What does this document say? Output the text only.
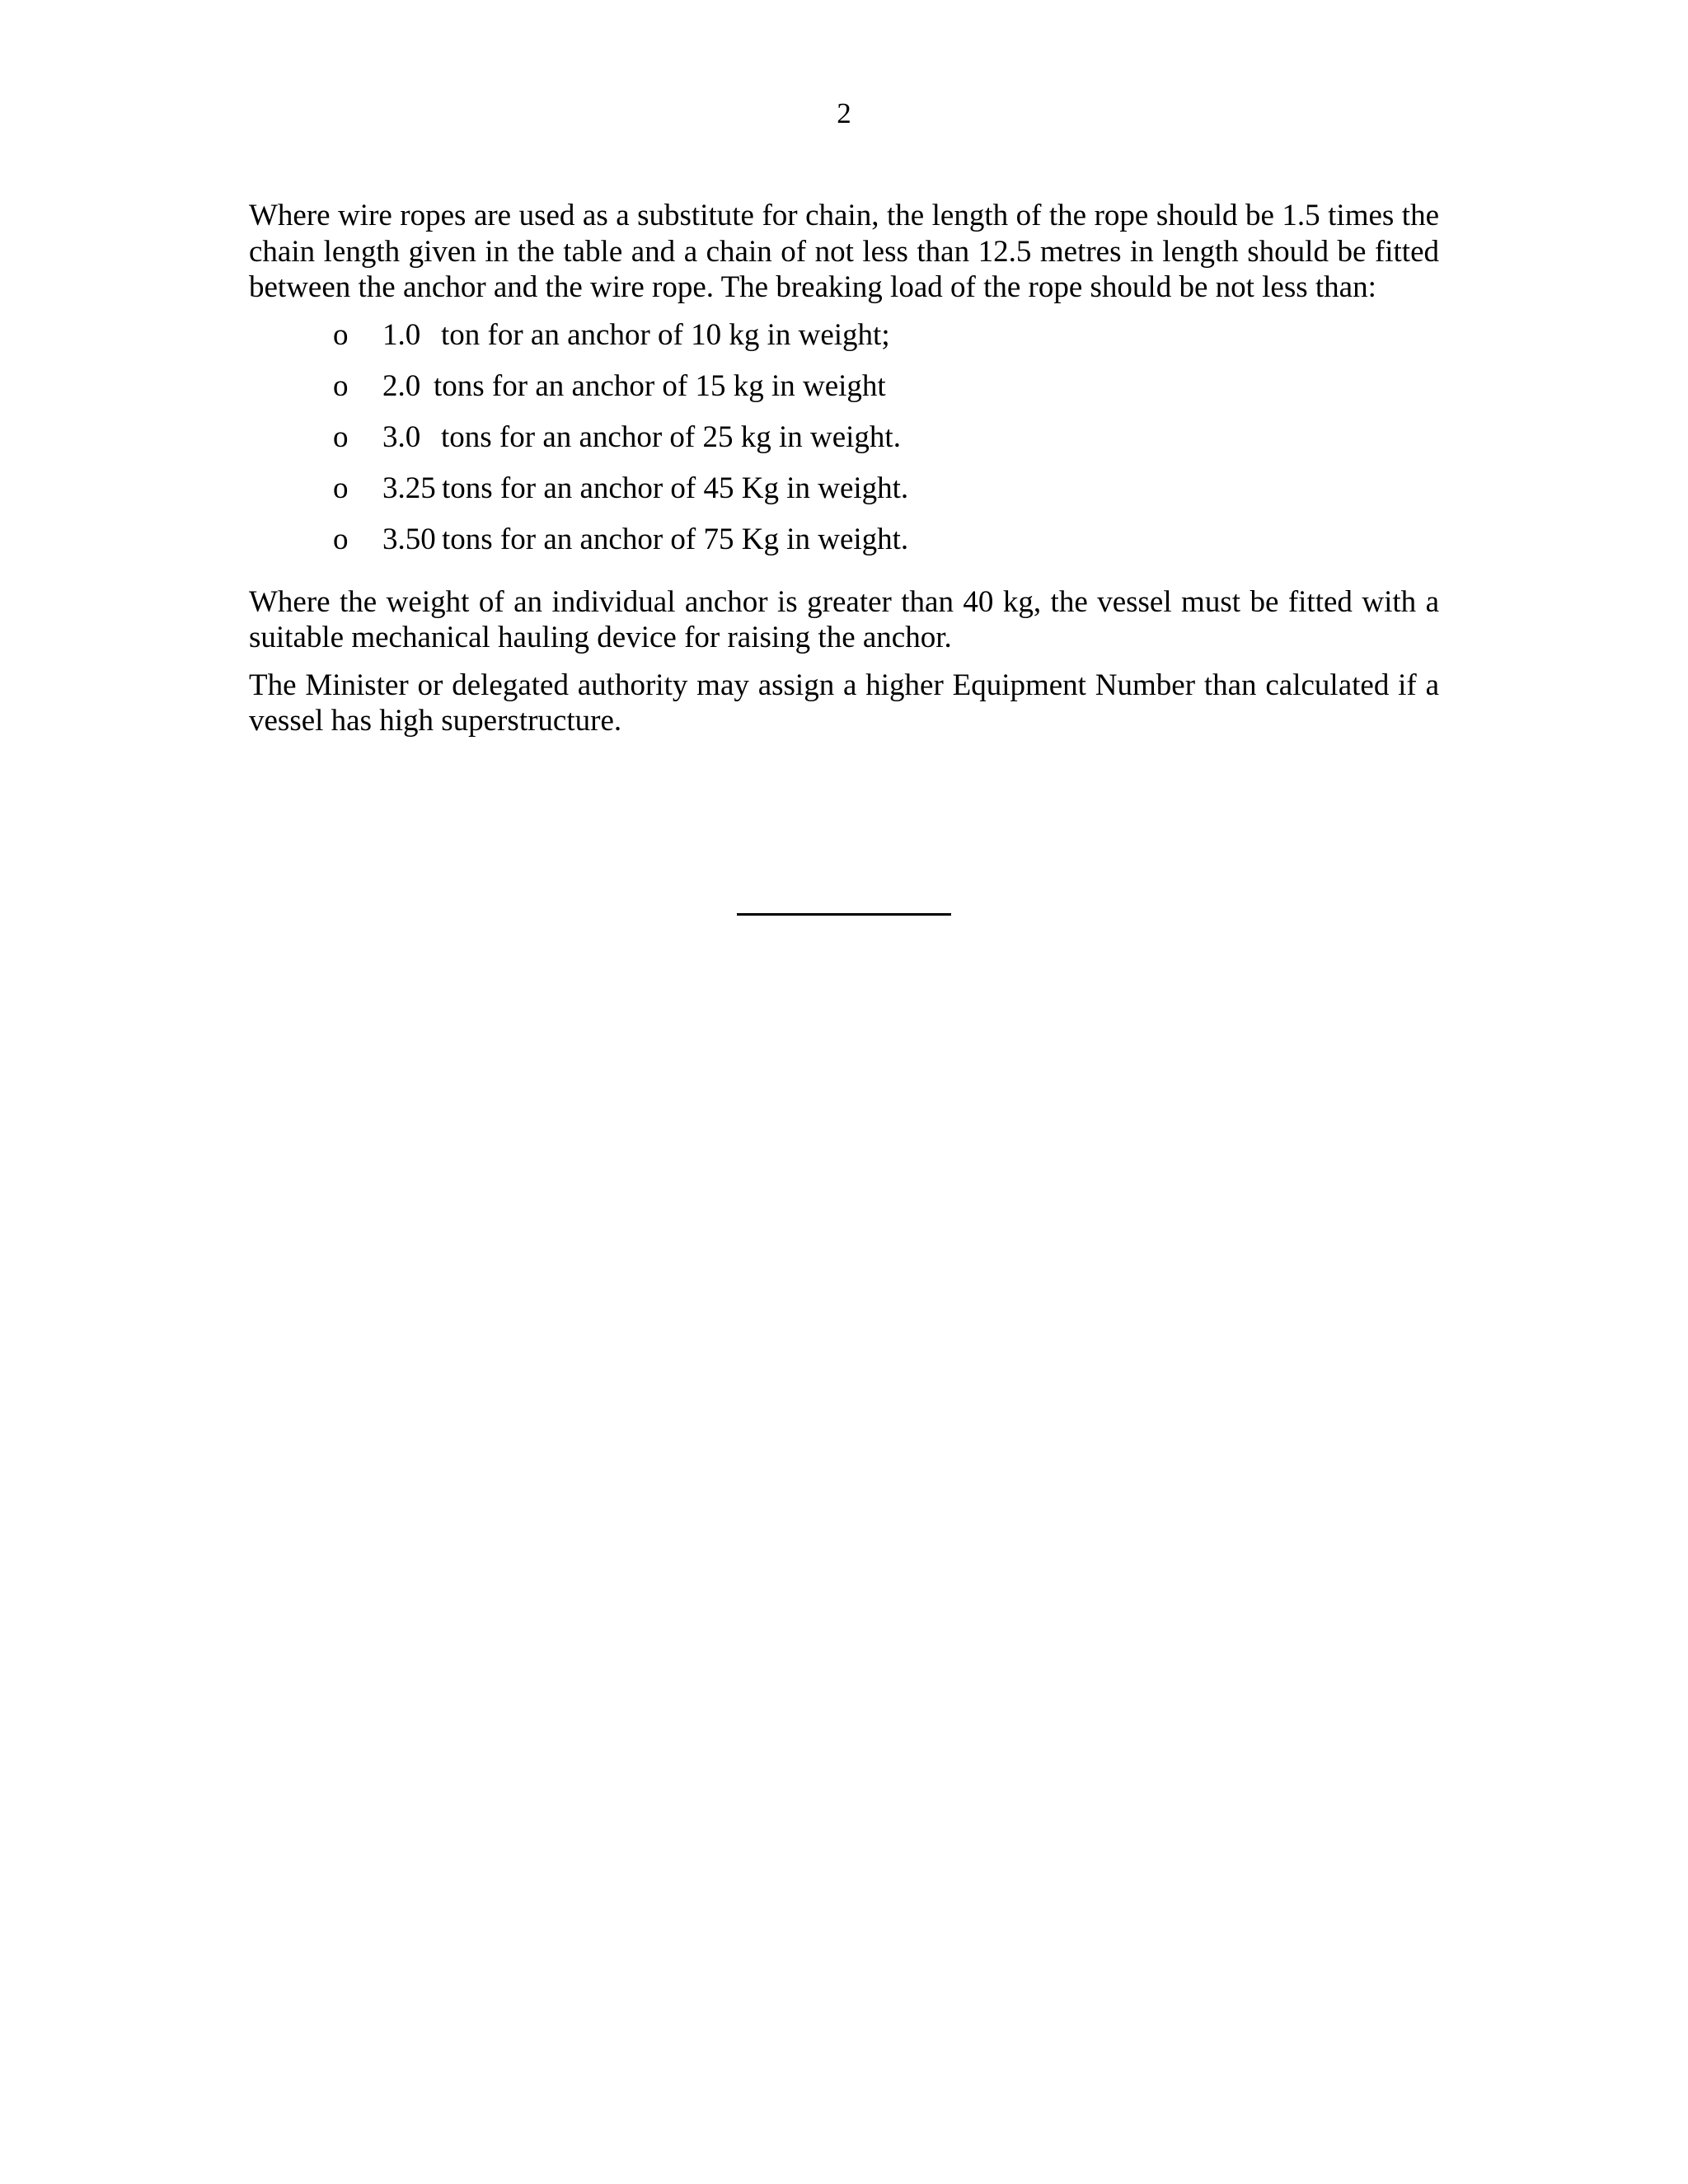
2

Where wire ropes are used as a substitute for chain, the length of the rope should be 1.5 times the chain length given in the table and a chain of not less than 12.5 metres in length should be fitted between the anchor and the wire rope. The breaking load of the rope should be not less than:

o 1.0 ton for an anchor of 10 kg in weight;
o 2.0 tons for an anchor of 15 kg in weight
o 3.0 tons for an anchor of 25 kg in weight.
o 3.25 tons for an anchor of 45 Kg in weight.
o 3.50 tons for an anchor of 75 Kg in weight.

Where the weight of an individual anchor is greater than 40 kg, the vessel must be fitted with a suitable mechanical hauling device for raising the anchor.

The Minister or delegated authority may assign a higher Equipment Number than calculated if a vessel has high superstructure.
